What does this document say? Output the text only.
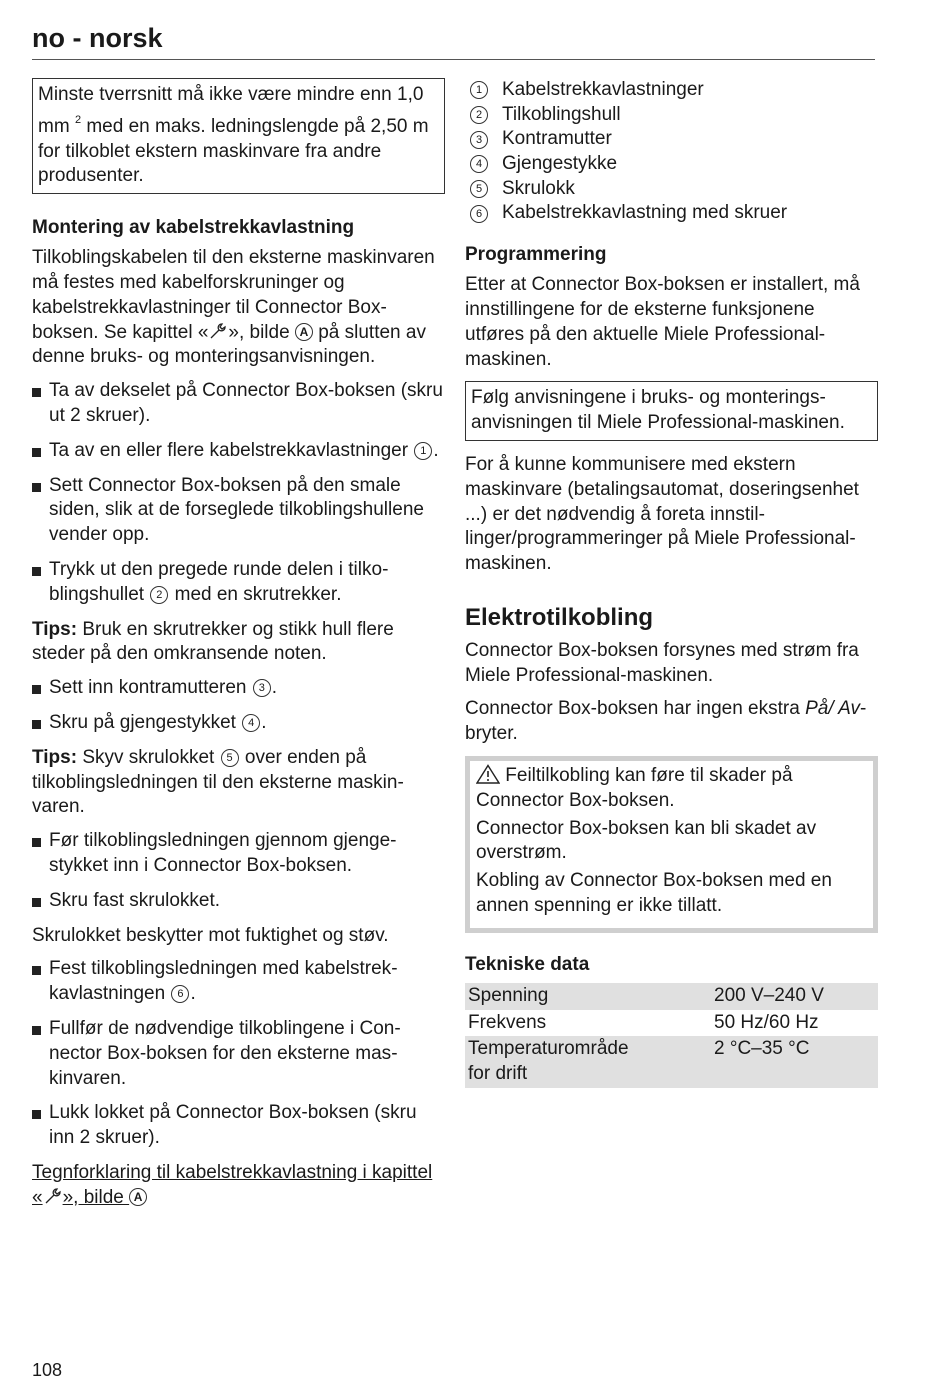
no - norsk
Minste tverrsnitt må ikke være mindre enn 1,0 mm $^2$ med en maks. ledningslengde på 2,50 m for tilkoblet ekstern maskinvare fra andre produsenter.
Montering av kabelstrekkavlastning

Tilkoblingskabelen til den eksterne maskinvaren må festes med kabelforskruninger og kabelstrekkavlastninger til Connector Box-boksen. Se kapittel « », bilde A på slutten av denne bruks- og monteringsanvisningen.

Ta av dekselet på Connector Box-boksen (skru ut 2 skruer).
Ta av en eller flere kabelstrekkavlastninger 1 .
Sett Connector Box-boksen på den smale siden, slik at de forseglede tilkoblingshullene vender opp.
Trykk ut den pregede runde delen i tilkoblingshullet 2 med en skrutrekker.

Tips: Bruk en skrutrekker og stikk hull flere steder på den omkransende noten.

Sett inn kontramutteren 3 .
Skru på gjengestykket 4 .

Tips: Skyv skrulokket 5 over enden på tilkoblingsledningen til den eksterne maskinvaren.

Før tilkoblingsledningen gjennom gjengestykket inn i Connector Box-boksen.
Skru fast skrulokket.

Skrulokket beskytter mot fuktighet og støv.

Fest tilkoblingsledningen med kabelstrekkavlastningen 6 .
Fullfør de nødvendige tilkoblingene i Connector Box-boksen for den eksterne maskinvaren.
Lukk lokket på Connector Box-boksen (skru inn 2 skruer).

Tegnforklaring til kabelstrekkavlastning i kapittel « », bilde A

1	Kabelstrekkavlastninger
2	Tilkoblingshull
3	Kontramutter
4	Gjengestykke
5	Skrulokk
6	Kabelstrekkavlastning med skruer
Programmering

Etter at Connector Box-boksen er installert, må innstillingene for de eksterne funksjonene utføres på den aktuelle Miele Professional-maskinen.

Følg anvisningene i bruks- og monteringsanvisningen til Miele Professional-maskinen.

For å kunne kommunisere med ekstern maskinvare (betalingsautomat, doseringsenhet ...) er det nødvendig å foreta innstillinger/programmeringer på Miele Professional-maskinen.

Elektrotilkobling

Connector Box-boksen forsynes med strøm fra Miele Professional-maskinen.

Connector Box-boksen har ingen ekstra På/ Av-bryter.

Feiltilkobling kan føre til skader på Connector Box-boksen.

Connector Box-boksen kan bli skadet av overstrøm.

Kobling av Connector Box-boksen med en annen spenning er ikke tillatt.

Tekniske data
Spenning	200 V–240 V
Frekvens	50 Hz/60 Hz
Temperaturområde for drift	2 °C–35 °C
108
